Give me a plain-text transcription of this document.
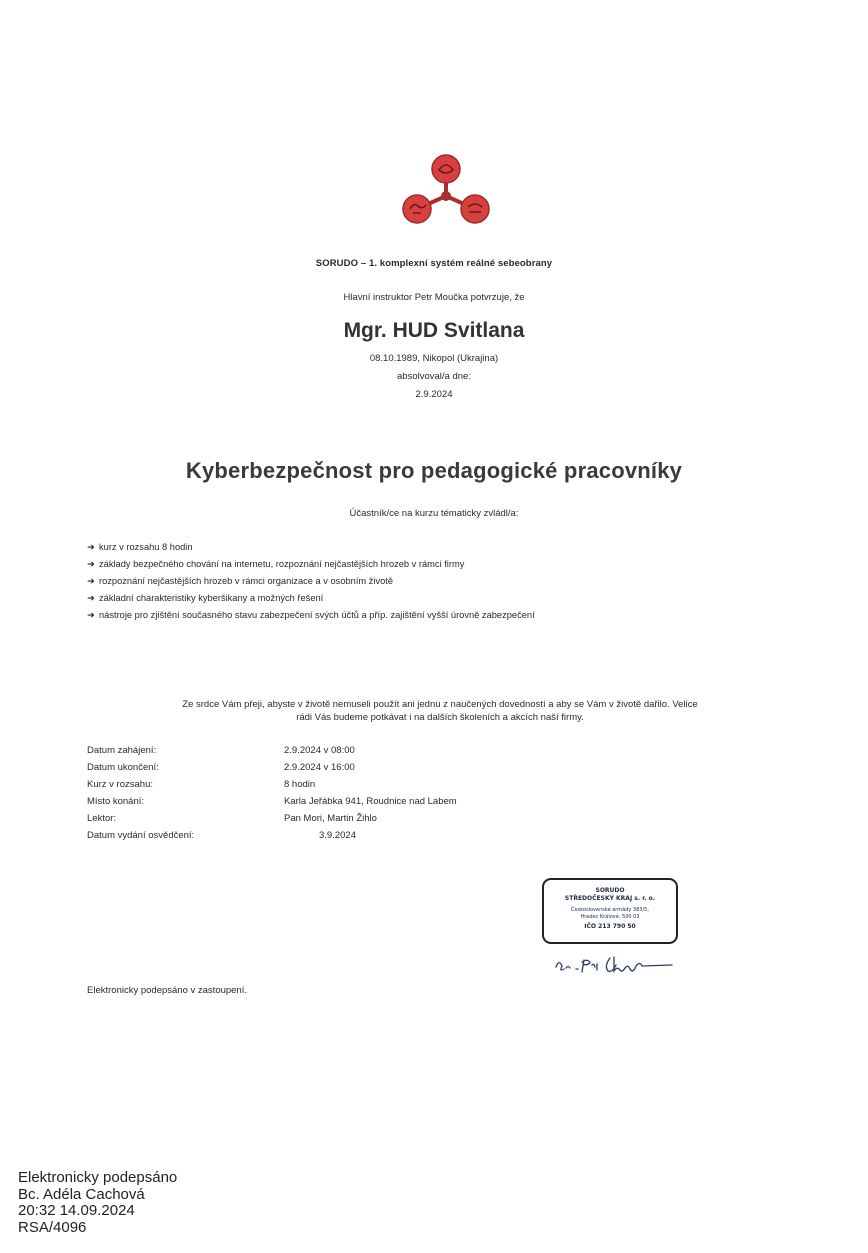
SORUDO – 1. komplexní systém reálné sebeobrany
Hlavní instruktor Petr Moučka potvrzuje, že
Mgr. HUD Svitlana
08.10.1989, Nikopol (Ukrajina)
absolvoval/a dne:
2.9.2024
Kyberbezpečnost pro pedagogické pracovníky
Účastník/ce na kurzu tématicky zvládl/a:
➜ kurz v rozsahu 8 hodin
➜ základy bezpečného chování na internetu, rozpoznání nejčastějších hrozeb v rámci firmy
➜ rozpoznání nejčastějších hrozeb v rámci organizace a v osobním životě
➜ základní charakteristiky kyberšikany a možných řešení
➜ nástroje pro zjištění současného stavu zabezpečení svých účtů a příp. zajištění vyšší úrovně zabezpečení
Ze srdce Vám přeji, abyste v životě nemuseli použít ani jednu z naučených dovedností a aby se Vám v životě dařilo. Velice
rádi Vás budeme potkávat i na dalších školeních a akcích naší firmy.
Datum zahájení:	2.9.2024 v 08:00
Datum ukončení:	2.9.2024 v 16:00
Kurz v rozsahu:	8 hodin
Místo konání:	Karla Jeřábka 941, Roudnice nad Labem
Lektor:	Pan Mori, Martin Žihlo
Datum vydání osvědčení:	3.9.2024
SORUDO
STŘEDOČESKÝ KRAJ s. r. o.
Československé armády 383/5,
Hradec Králové, 500 03
IČO 213 790 50
Elektronicky podepsáno v zastoupení.
Elektronicky podepsáno
Bc. Adéla Cachová
20:32 14.09.2024
RSA/4096
